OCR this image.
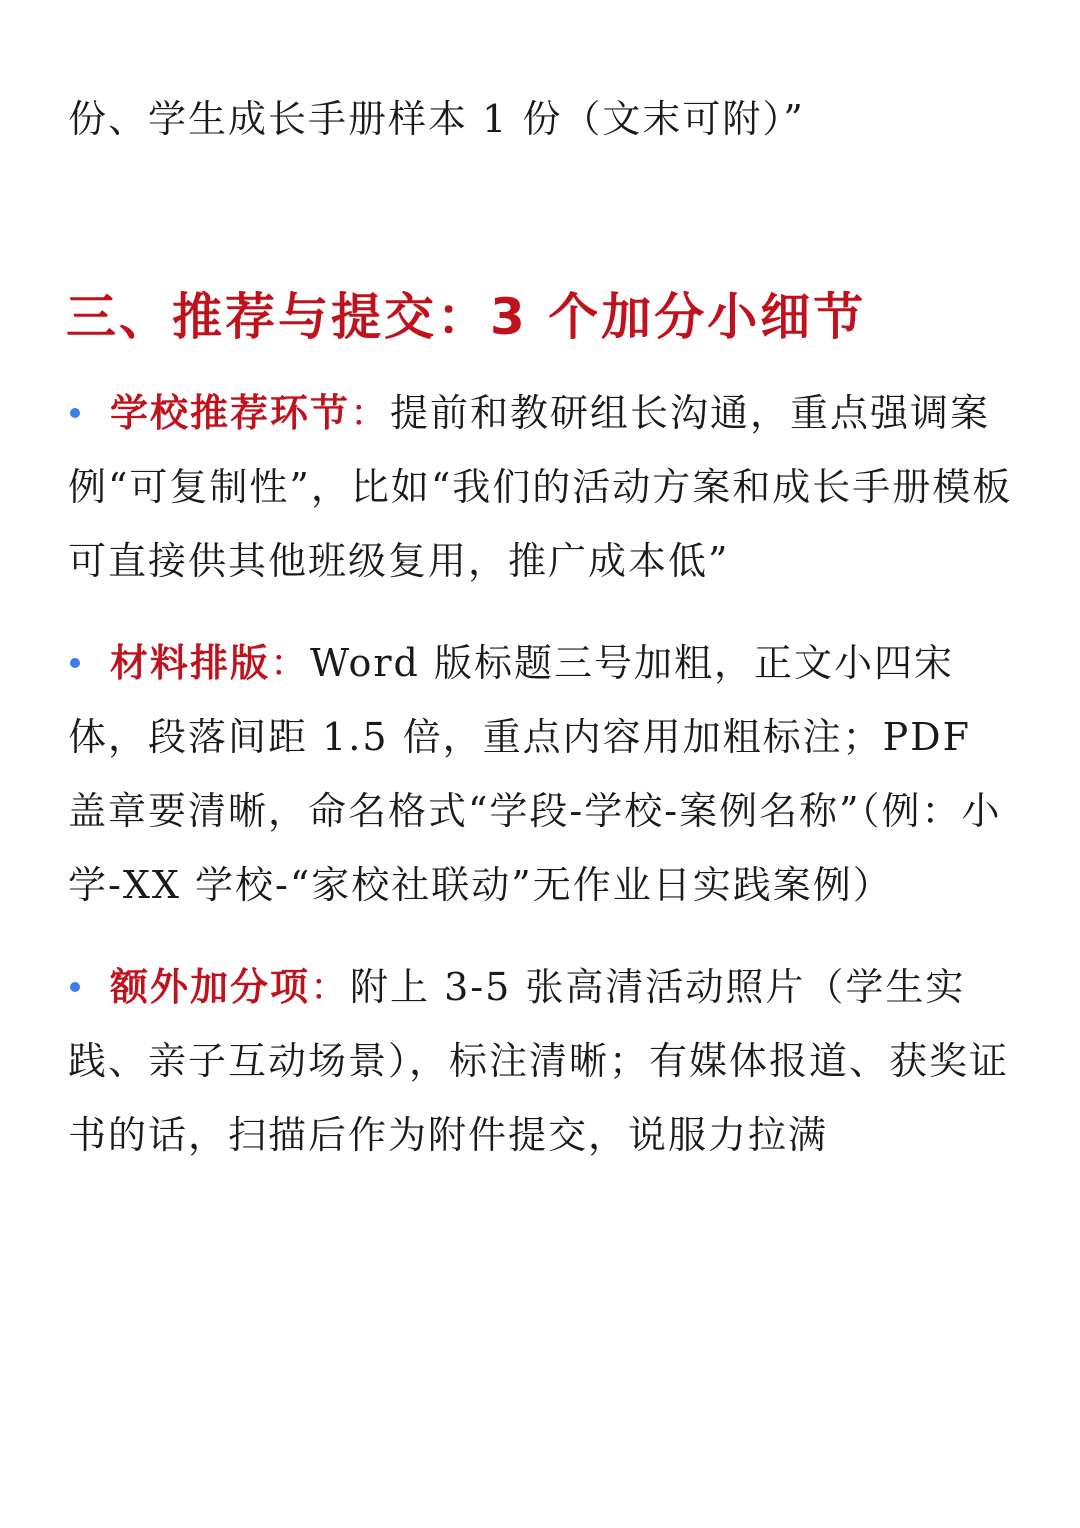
份、学生成长手册样本 1 份（文末可附）”

三、推荐与提交：3 个加分小细节
学校推荐环节：提前和教研组长沟通，重点强调案例“可复制性”，比如“我们的活动方案和成长手册模板可直接供其他班级复用，推广成本低”
材料排版：Word 版标题三号加粗，正文小四宋体，段落间距 1.5 倍，重点内容用加粗标注；PDF 盖章要清晰，命名格式“学段-学校-案例名称”（例：小学-XX 学校-“家校社联动”无作业日实践案例）
额外加分项：附上 3-5 张高清活动照片（学生实践、亲子互动场景），标注清晰；有媒体报道、获奖证书的话，扫描后作为附件提交，说服力拉满
